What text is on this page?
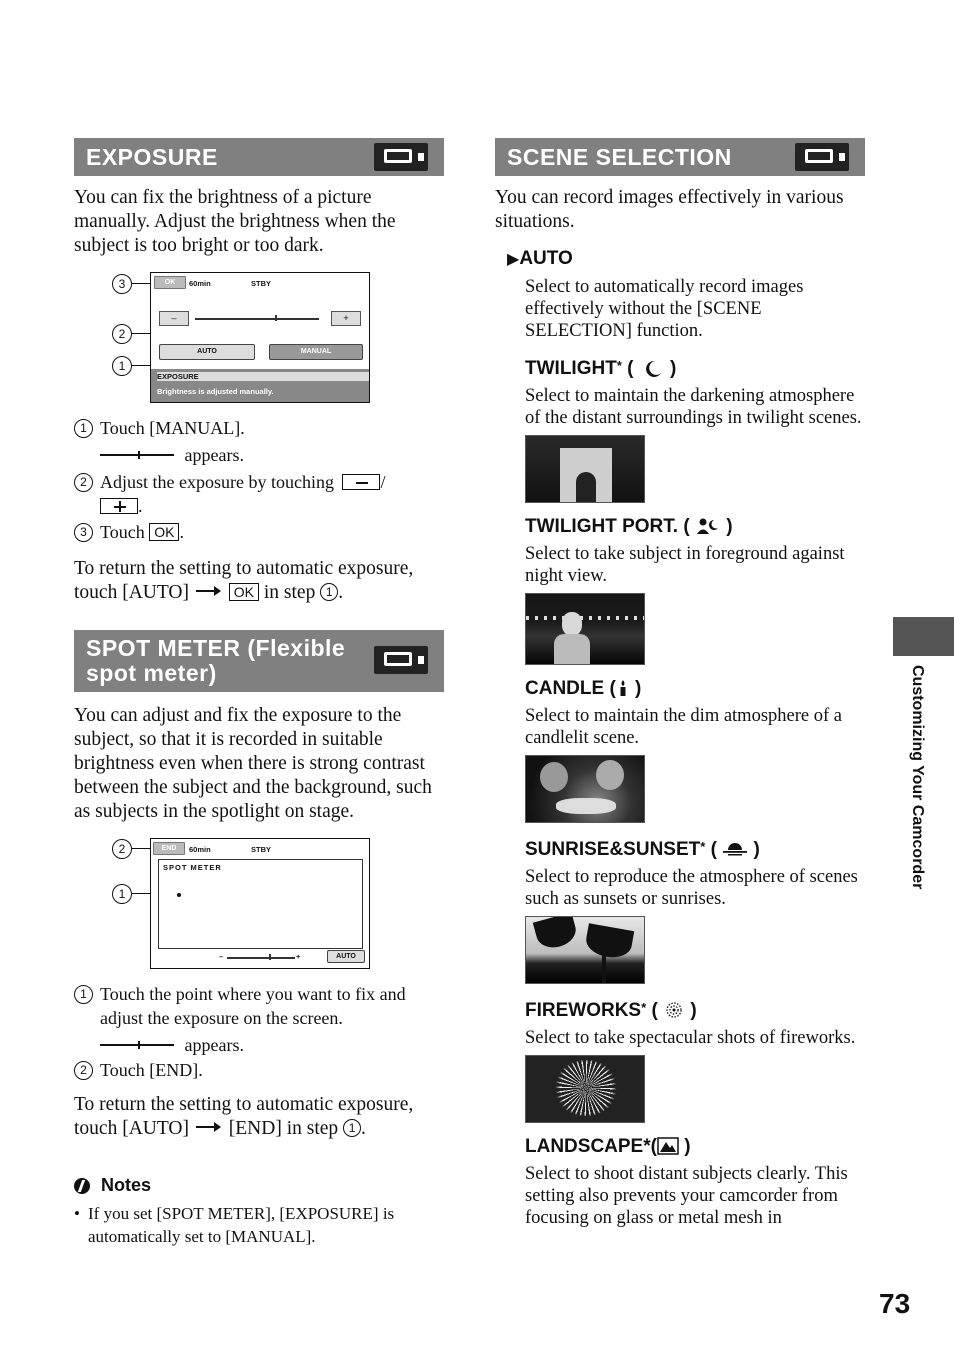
EXPOSURE

You can fix the brightness of a picture manually. Adjust the brightness when the subject is too bright or too dark.

3
2
1
OK	60min	STBY
–	+
AUTO	MANUAL
EXPOSURE
Brightness is adjusted manually.
1 Touch [MANUAL].
appears.
2 Adjust the exposure by touching	/
.
3 Touch OK .

To return the setting to automatic exposure, touch [AUTO]	OK in step 1 .

SPOT METER (Flexible
spot meter)

You can adjust and fix the exposure to the subject, so that it is recorded in suitable brightness even when there is strong contrast between the subject and the background, such as subjects in the spotlight on stage.

2
1
END	60min	STBY
SPOT METER
–	+	AUTO
1 Touch the point where you want to fix and adjust the exposure on the screen.
appears.
2 Touch [END].

To return the setting to automatic exposure, touch [AUTO] [END] in step 1 .

Notes
• If you set [SPOT METER], [EXPOSURE] is automatically set to [MANUAL].
SCENE SELECTION

You can record images effectively in various situations.

▶AUTO

Select to automatically record images effectively without the [SCENE SELECTION] function.

TWILIGHT* (  )

Select to maintain the darkening atmosphere of the distant surroundings in twilight scenes.

TWILIGHT PORT. (  )

Select to take subject in foreground against night view.

CANDLE ( )

Select to maintain the dim atmosphere of a candlelit scene.

SUNRISE&SUNSET* (  )

Select to reproduce the atmosphere of scenes such as sunsets or sunrises.

FIREWORKS* (  )

Select to take spectacular shots of fireworks.

LANDSCAPE*( )

Select to shoot distant subjects clearly. This setting also prevents your camcorder from focusing on glass or metal mesh in

Customizing Your Camcorder
73
